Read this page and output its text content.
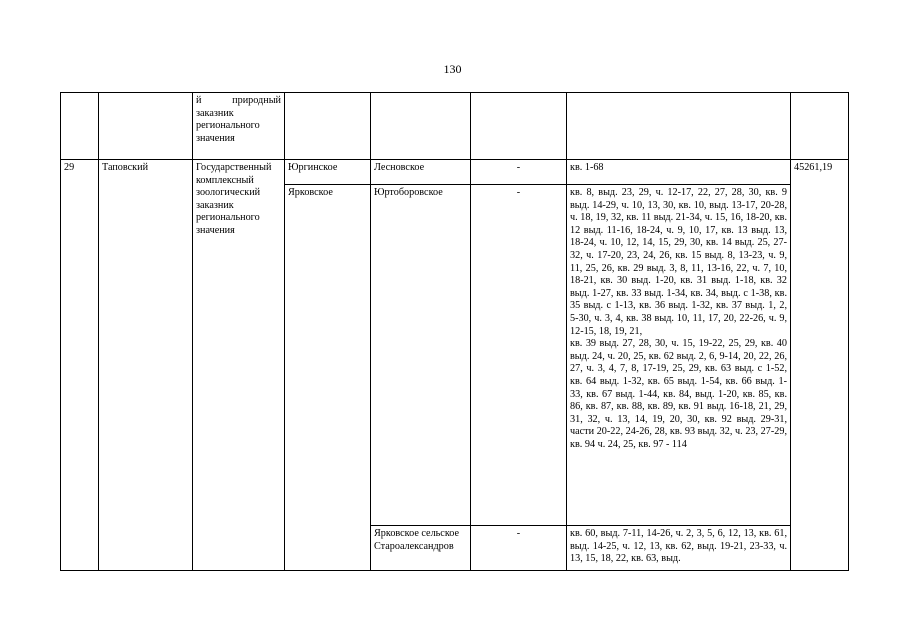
130

		й природный заказник регионального значения					

29	Таповский	Государственный комплексный зоологический заказник регионального значения	Юргинское	Лесновское	-	кв. 1-68	45261,19
			Ярковское	Юртоборовское	-	кв. 8, выд. 23, 29, ч. 12-17, 22, 27, 28, 30, кв. 9 выд. 14-29, ч. 10, 13, 30, кв. 10, выд. 13-17, 20-28, ч. 18, 19, 32, кв. 11 выд. 21-34, ч. 15, 16, 18-20, кв. 12 выд. 11-16, 18-24, ч. 9, 10, 17, кв. 13 выд. 13, 18-24, ч. 10, 12, 14, 15, 29, 30, кв. 14 выд. 25, 27-32, ч. 17-20, 23, 24, 26, кв. 15 выд. 8, 13-23, ч. 9, 11, 25, 26, кв. 29 выд. 3, 8, 11, 13-16, 22, ч. 7, 10, 18-21, кв. 30 выд. 1-20, кв. 31 выд. 1-18, кв. 32 выд. 1-27, кв. 33 выд. 1-34, кв. 34, выд. с 1-38, кв. 35 выд. с 1-13, кв. 36 выд. 1-32, кв. 37 выд. 1, 2, 5-30, ч. 3, 4, кв. 38 выд. 10, 11, 17, 20, 22-26, ч. 9, 12-15, 18, 19, 21,
кв. 39 выд. 27, 28, 30, ч. 15, 19-22, 25, 29, кв. 40 выд. 24, ч. 20, 25, кв. 62 выд. 2, 6, 9-14, 20, 22, 26, 27, ч. 3, 4, 7, 8, 17-19, 25, 29, кв. 63 выд. с 1-52, кв. 64 выд. 1-32, кв. 65 выд. 1-54, кв. 66 выд. 1-33, кв. 67 выд. 1-44, кв. 84, выд. 1-20, кв. 85, кв. 86, кв. 87, кв. 88, кв. 89, кв. 91 выд. 16-18, 21, 29, 31, 32, ч. 13, 14, 19, 20, 30, кв. 92 выд. 29-31, части 20-22, 24-26, 28, кв. 93 выд. 32, ч. 23, 27-29, кв. 94 ч. 24, 25, кв. 97 - 114	

				Ярковское сельское Староалександров	-	кв. 60, выд. 7-11, 14-26, ч. 2, 3, 5, 6, 12, 13, кв. 61, выд. 14-25, ч. 12, 13, кв. 62, выд. 19-21, 23-33, ч. 13, 15, 18, 22, кв. 63, выд.	
